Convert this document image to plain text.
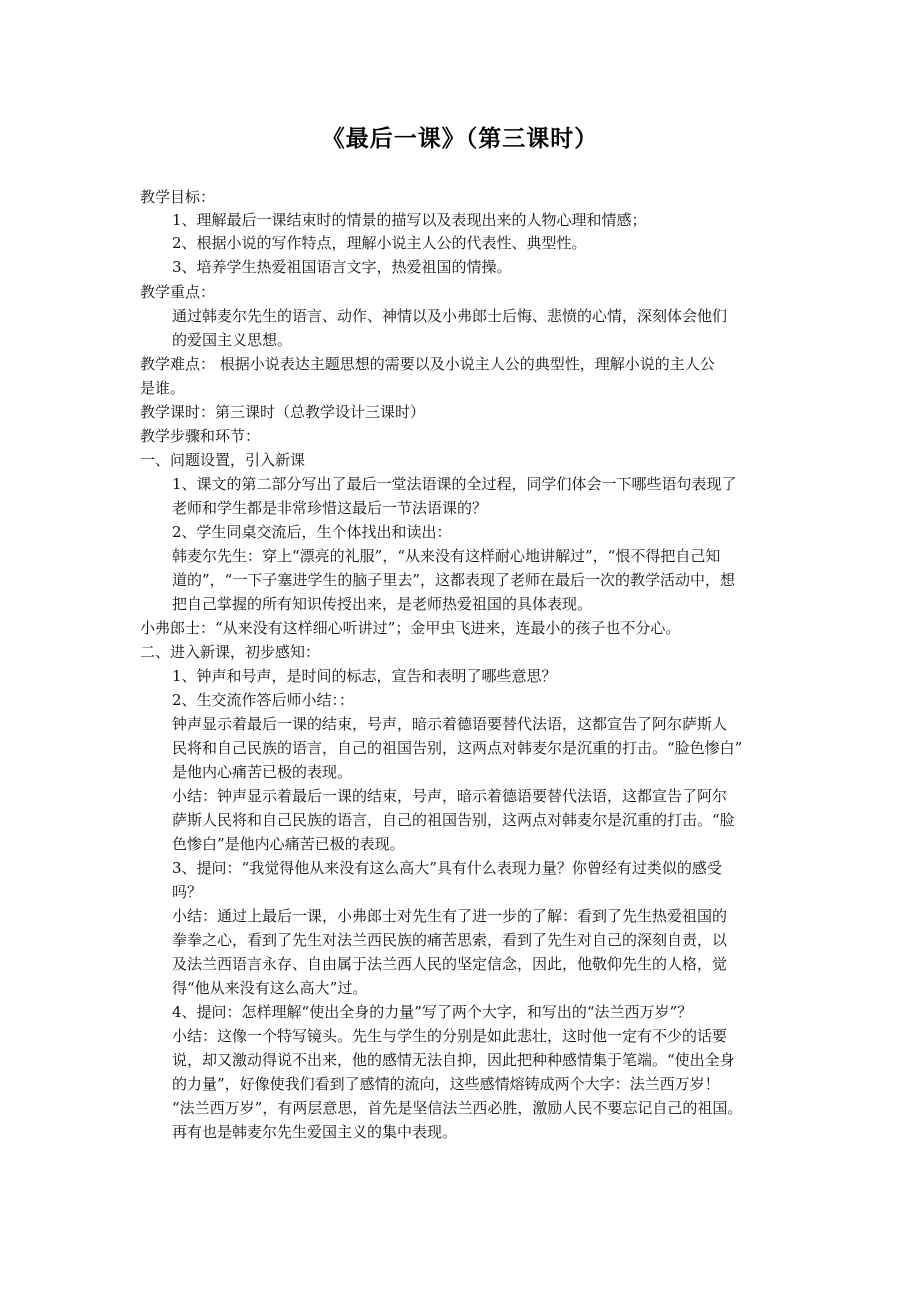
《最后一课》（第三课时）
教学目标：
1、理解最后一课结束时的情景的描写以及表现出来的人物心理和情感；
2、根据小说的写作特点，理解小说主人公的代表性、典型性。
3、培养学生热爱祖国语言文字，热爱祖国的情操。
教学重点：
通过韩麦尔先生的语言、动作、神情以及小弗郎士后悔、悲愤的心情，深刻体会他们
的爱国主义思想。
教学难点： 根据小说表达主题思想的需要以及小说主人公的典型性，理解小说的主人公
是谁。
教学课时：第三课时（总教学设计三课时）
教学步骤和环节：
一、问题设置，引入新课
1、课文的第二部分写出了最后一堂法语课的全过程，同学们体会一下哪些语句表现了
老师和学生都是非常珍惜这最后一节法语课的？
2、学生同桌交流后，生个体找出和读出：
韩麦尔先生：穿上“漂亮的礼服”，“从来没有这样耐心地讲解过”，“恨不得把自己知
道的”，“一下子塞进学生的脑子里去”，这都表现了老师在最后一次的教学活动中，想
把自己掌握的所有知识传授出来，是老师热爱祖国的具体表现。
小弗郎士：“从来没有这样细心听讲过”；金甲虫飞进来，连最小的孩子也不分心。
二、进入新课，初步感知：
1、钟声和号声，是时间的标志，宣告和表明了哪些意思？
2、生交流作答后师小结：：
钟声显示着最后一课的结束，号声，暗示着德语要替代法语，这都宣告了阿尔萨斯人
民将和自己民族的语言，自己的祖国告别，这两点对韩麦尔是沉重的打击。“脸色惨白”
是他内心痛苦已极的表现。
小结：钟声显示着最后一课的结束，号声，暗示着德语要替代法语，这都宣告了阿尔
萨斯人民将和自己民族的语言，自己的祖国告别，这两点对韩麦尔是沉重的打击。“脸
色惨白”是他内心痛苦已极的表现。
3、提问：“我觉得他从来没有这么高大”具有什么表现力量？你曾经有过类似的感受
吗？
小结：通过上最后一课，小弗郎士对先生有了进一步的了解：看到了先生热爱祖国的
拳拳之心，看到了先生对法兰西民族的痛苦思索，看到了先生对自己的深刻自责，以
及法兰西语言永存、自由属于法兰西人民的坚定信念，因此，他敬仰先生的人格，觉
得“他从来没有这么高大”过。
4、提问：怎样理解“使出全身的力量”写了两个大字，和写出的“法兰西万岁”？
小结：这像一个特写镜头。先生与学生的分别是如此悲壮，这时他一定有不少的话要
说，却又激动得说不出来，他的感情无法自抑，因此把种种感情集于笔端。“使出全身
的力量”，好像使我们看到了感情的流向，这些感情熔铸成两个大字：法兰西万岁！
“法兰西万岁”，有两层意思，首先是坚信法兰西必胜，激励人民不要忘记自己的祖国。
再有也是韩麦尔先生爱国主义的集中表现。
